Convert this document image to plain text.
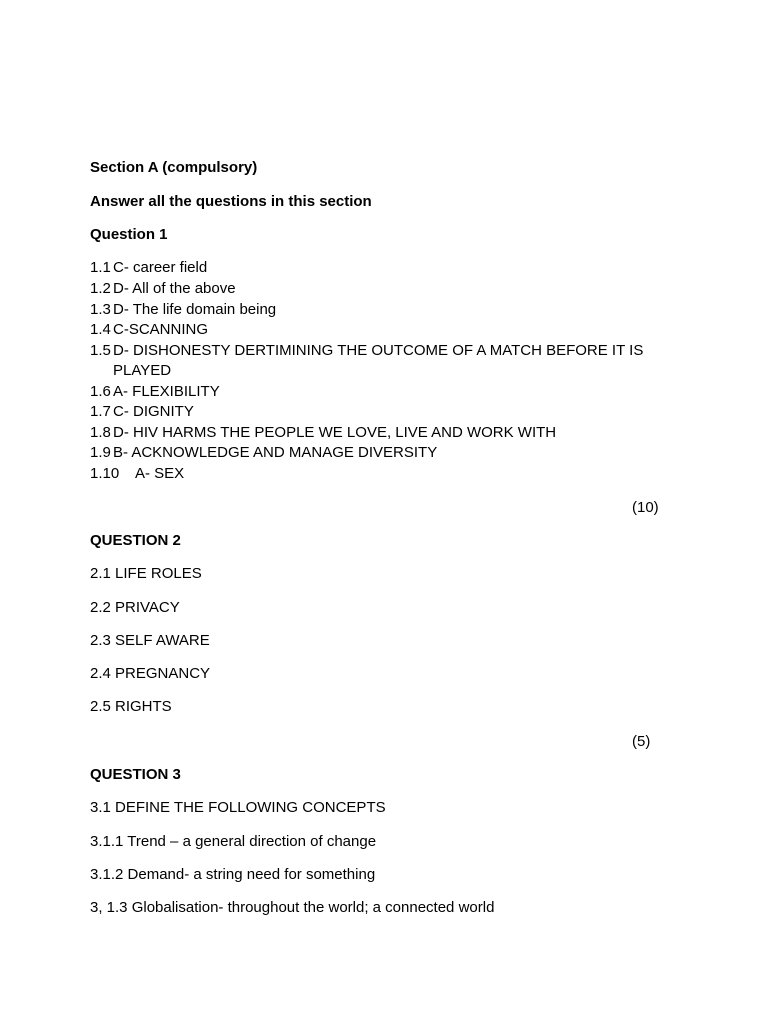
Section A (compulsory)
Answer all the questions in this section
Question 1
1.1 C- career field
1.2 D- All of the above
1.3 D- The life domain being
1.4 C-SCANNING
1.5 D- DISHONESTY DERTIMINING THE OUTCOME OF A MATCH BEFORE IT IS
PLAYED
1.6 A- FLEXIBILITY
1.7 C- DIGNITY
1.8 D- HIV HARMS THE PEOPLE WE LOVE, LIVE AND WORK WITH
1.9 B- ACKNOWLEDGE AND MANAGE DIVERSITY
1.10 A- SEX
(10)
QUESTION 2
2.1 LIFE ROLES
2.2 PRIVACY
2.3 SELF AWARE
2.4 PREGNANCY
2.5 RIGHTS
(5)
QUESTION 3
3.1 DEFINE THE FOLLOWING CONCEPTS
3.1.1 Trend – a general direction of change
3.1.2 Demand- a string need for something
3, 1.3 Globalisation- throughout the world; a connected world
